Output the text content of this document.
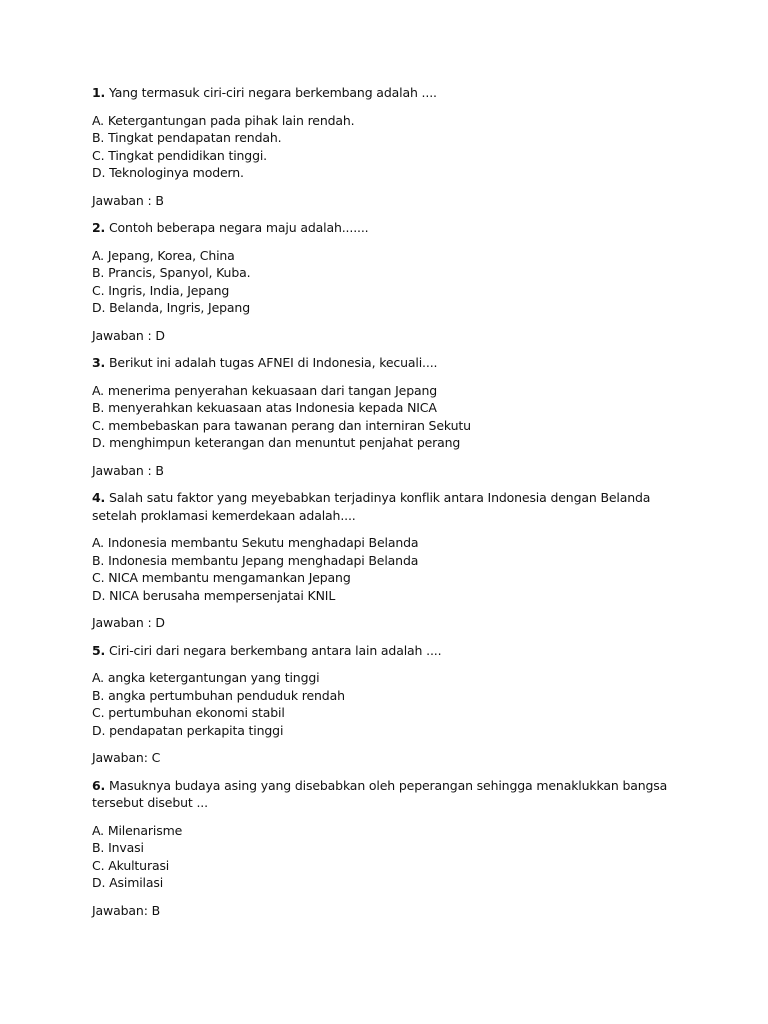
1. Yang termasuk ciri-ciri negara berkembang adalah ....

A. Ketergantungan pada pihak lain rendah.
B. Tingkat pendapatan rendah.
C. Tingkat pendidikan tinggi.
D. Teknologinya modern.

Jawaban : B

2. Contoh beberapa negara maju adalah.......

A. Jepang, Korea, China
B. Prancis, Spanyol, Kuba.
C. Ingris, India, Jepang
D. Belanda, Ingris, Jepang

Jawaban : D

3. Berikut ini adalah tugas AFNEI di Indonesia, kecuali....

A. menerima penyerahan kekuasaan dari tangan Jepang
B. menyerahkan kekuasaan atas Indonesia kepada NICA
C. membebaskan para tawanan perang dan interniran Sekutu
D. menghimpun keterangan dan menuntut penjahat perang

Jawaban : B

4. Salah satu faktor yang meyebabkan terjadinya konflik antara Indonesia dengan Belanda setelah proklamasi kemerdekaan adalah....

A. Indonesia membantu Sekutu menghadapi Belanda
B. Indonesia membantu Jepang menghadapi Belanda
C. NICA membantu mengamankan Jepang
D. NICA berusaha mempersenjatai KNIL

Jawaban : D

5. Ciri-ciri dari negara berkembang antara lain adalah ....

A. angka ketergantungan yang tinggi
B. angka pertumbuhan penduduk rendah
C. pertumbuhan ekonomi stabil
D. pendapatan perkapita tinggi

Jawaban: C

6. Masuknya budaya asing yang disebabkan oleh peperangan sehingga menaklukkan bangsa tersebut disebut ...

A. Milenarisme
B. Invasi
C. Akulturasi
D. Asimilasi

Jawaban: B
